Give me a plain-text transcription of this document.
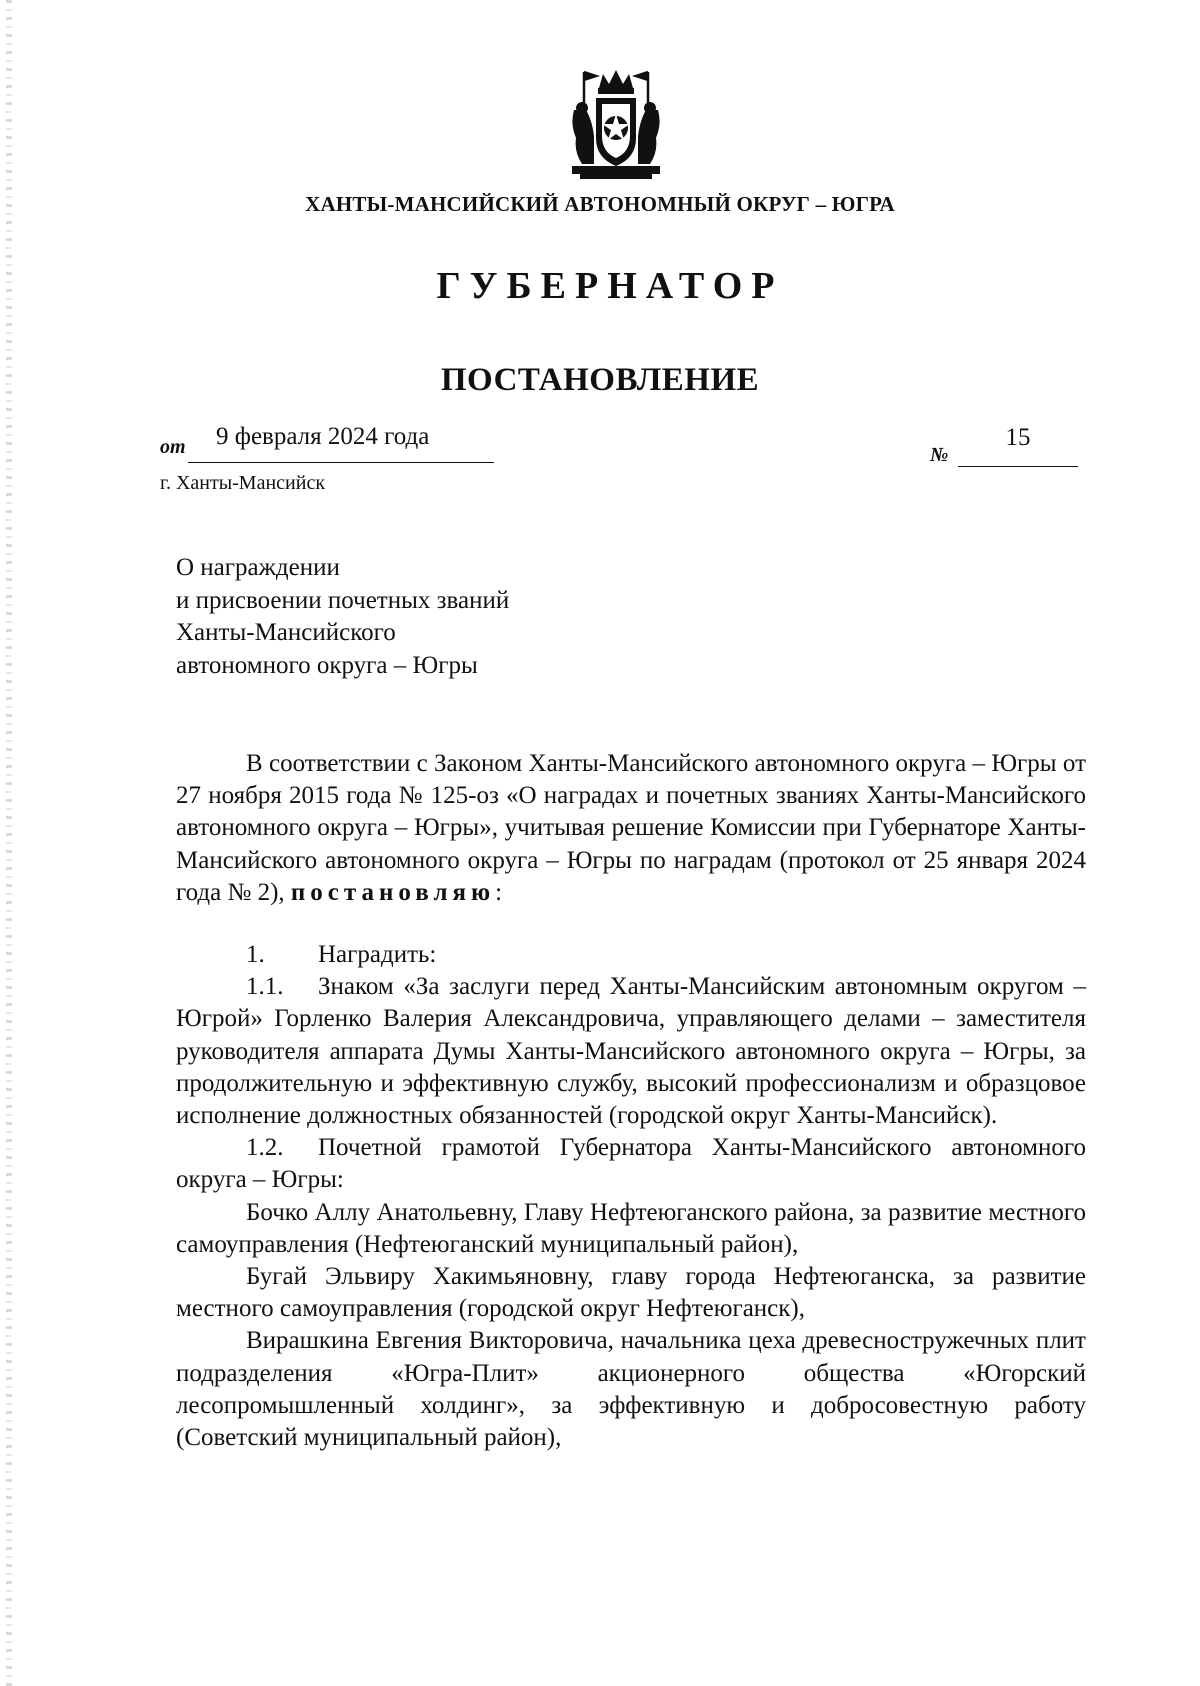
ХАНТЫ-МАНСИЙСКИЙ АВТОНОМНЫЙ ОКРУГ – ЮГРА
ГУБЕРНАТОР
ПОСТАНОВЛЕНИЕ
от	9 февраля 2024 года
№
15
г. Ханты-Мансийск
О награждении
и присвоении почетных званий
Ханты-Мансийского
автономного округа – Югры

В соответствии с Законом Ханты-Мансийского автономного округа – Югры от 27 ноября 2015 года № 125-оз «О наградах и почетных званиях Ханты-Мансийского автономного округа – Югры», учитывая решение Комиссии при Губернаторе Ханты-Мансийского автономного округа – Югры по наградам (протокол от 25 января 2024 года № 2), постановляю:

1. Наградить:

1.1. Знаком «За заслуги перед Ханты-Мансийским автономным округом – Югрой» Горленко Валерия Александровича, управляющего делами – заместителя руководителя аппарата Думы Ханты-Мансийского автономного округа – Югры, за продолжительную и эффективную службу, высокий профессионализм и образцовое исполнение должностных обязанностей (городской округ Ханты-Мансийск).

1.2. Почетной грамотой Губернатора Ханты-Мансийского автономного округа – Югры:

Бочко Аллу Анатольевну, Главу Нефтеюганского района, за развитие местного самоуправления (Нефтеюганский муниципальный район),

Бугай Эльвиру Хакимьяновну, главу города Нефтеюганска, за развитие местного самоуправления (городской округ Нефтеюганск),

Вирашкина Евгения Викторовича, начальника цеха древесностружечных плит подразделения «Югра-Плит» акционерного общества «Югорский лесопромышленный холдинг», за эффективную и добросовестную работу (Советский муниципальный район),
